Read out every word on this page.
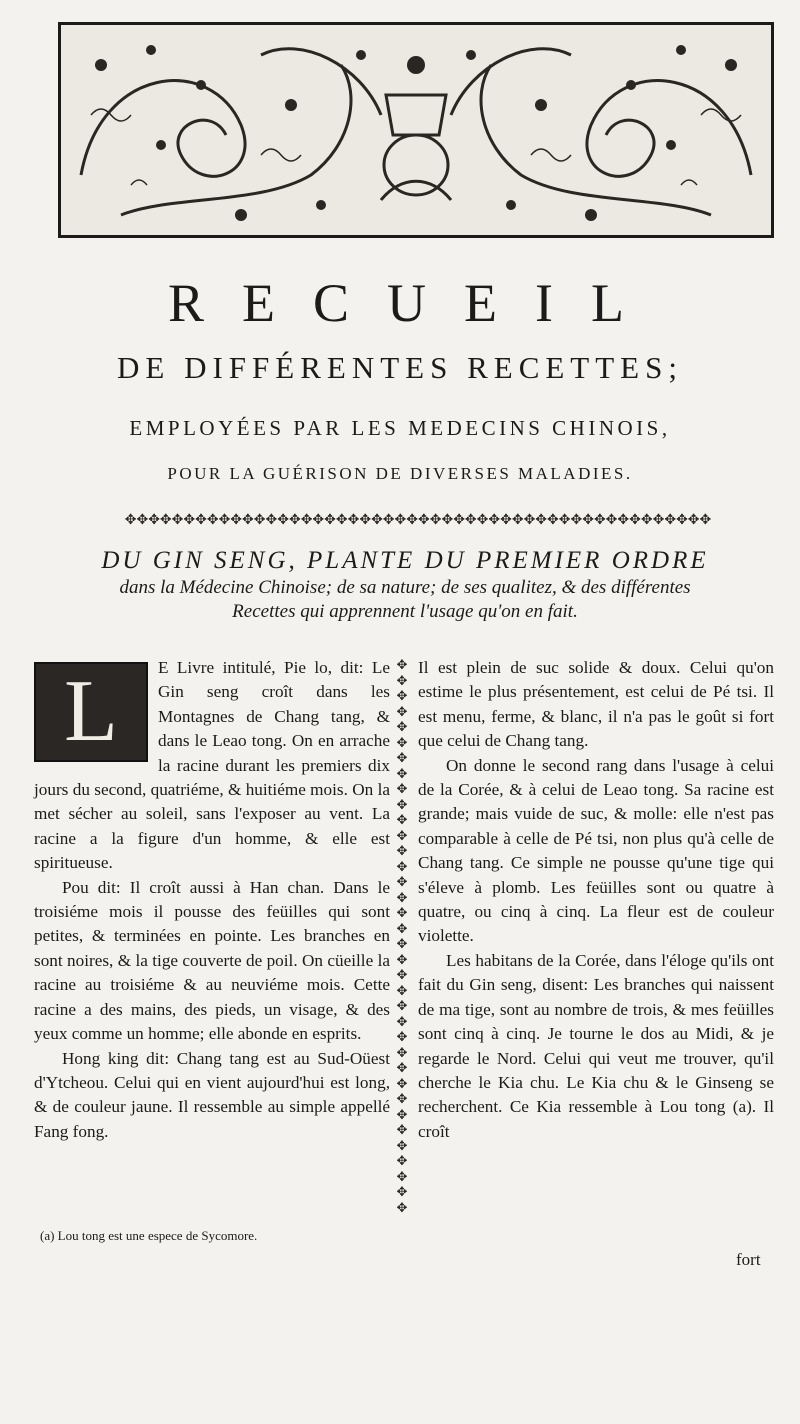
RECUEIL
DE DIFFÉRENTES RECETTES;
EMPLOYÉES PAR LES MEDECINS CHINOIS,
POUR LA GUÉRISON DE DIVERSES MALADIES.
✥✥✥✥✥✥✥✥✥✥✥✥✥✥✥✥✥✥✥✥✥✥✥✥✥✥✥✥✥✥✥✥✥✥✥✥✥✥✥✥✥✥✥✥✥✥✥✥✥✥
DU GIN SENG, PLANTE DU PREMIER ORDRE
dans la Médecine Chinoise; de sa nature; de ses qualitez, & des différentes
Recettes qui apprennent l'usage qu'on en fait.
L	E Livre intitulé, Pie lo, dit: Le Gin seng croît dans les Montagnes de Chang tang, & dans le Leao tong. On en arrache la racine durant les premiers dix jours du second, quatriéme, & huitiéme mois. On la met sécher au soleil, sans l'exposer au vent. La racine a la figure d'un homme, & elle est spiritueuse.

Pou dit: Il croît aussi à Han chan. Dans le troisiéme mois il pousse des feüilles qui sont petites, & terminées en pointe. Les branches en sont noires, & la tige couverte de poil. On cüeille la racine au troisiéme & au neuviéme mois. Cette racine a des mains, des pieds, un visage, & des yeux comme un homme; elle abonde en esprits.

Hong king dit: Chang tang est au Sud-Oüest d'Ytcheou. Celui qui en vient aujourd'hui est long, & de couleur jaune. Il ressemble au simple appellé Fang fong.

✥
✥
✥
✥
✥
✥
✥
✥
✥
✥
✥
✥
✥
✥
✥
✥
✥
✥
✥
✥
✥
✥
✥
✥
✥
✥
✥
✥
✥
✥
✥
✥
✥
✥
✥
✥

Il est plein de suc solide & doux. Celui qu'on estime le plus présentement, est celui de Pé tsi. Il est menu, ferme, & blanc, il n'a pas le goût si fort que celui de Chang tang.

On donne le second rang dans l'usage à celui de la Corée, & à celui de Leao tong. Sa racine est grande; mais vuide de suc, & molle: elle n'est pas comparable à celle de Pé tsi, non plus qu'à celle de Chang tang. Ce simple ne pousse qu'une tige qui s'éleve à plomb. Les feüilles sont ou quatre à quatre, ou cinq à cinq. La fleur est de couleur violette.

Les habitans de la Corée, dans l'éloge qu'ils ont fait du Gin seng, disent: Les branches qui naissent de ma tige, sont au nombre de trois, & mes feüilles sont cinq à cinq. Je tourne le dos au Midi, & je regarde le Nord. Celui qui veut me trouver, qu'il cherche le Kia chu. Le Kia chu & le Ginseng se recherchent. Ce Kia ressemble à Lou tong (a). Il croît

(a) Lou tong est une espece de Sycomore.
fort
